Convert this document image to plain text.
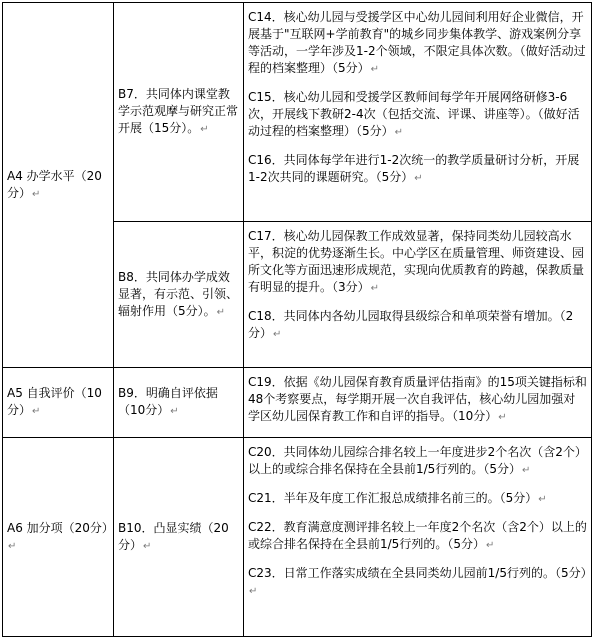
A4 办学水平（20分）↵	B7．共同体内课堂教学示范观摩与研究正常开展（15分）。↵	C14．核心幼儿园与受援学区中心幼儿园间利用好企业微信，开展基于"互联网+学前教育"的城乡同步集体教学、游戏案例分享等活动，一学年涉及1-2个领域，不限定具体次数。（做好活动过程的档案整理）（5分）↵

C15．核心幼儿园和受援学区教师间每学年开展网络研修3-6次，开展线下教研2-4次（包括交流、评课、讲座等）。（做好活动过程的档案整理）（5分）↵

C16．共同体每学年进行1-2次统一的教学质量研讨分析，开展1-2次共同的课题研究。（5分）↵

	B8．共同体办学成效显著，有示范、引领、辐射作用（5分）。↵	C17．核心幼儿园保教工作成效显著，保持同类幼儿园较高水平，积淀的优势逐渐生长。中心学区在质量管理、师资建设、园所文化等方面迅速形成规范，实现向优质教育的跨越，保教质量有明显的提升。（3分）↵

C18．共同体内各幼儿园取得县级综合和单项荣誉有增加。（2分）↵

A5 自我评价（10分）↵	B9．明确自评依据（10分）↵	C19．依据《幼儿园保育教育质量评估指南》的15项关键指标和48个考察要点，每学期开展一次自我评估，核心幼儿园加强对学区幼儿园保育教工作和自评的指导。（10分）↵

A6 加分项（20分）↵	B10．凸显实绩（20分）↵	C20．共同体幼儿园综合排名较上一年度进步2个名次（含2个）以上的或综合排名保持在全县前1/5行列的。（5分）↵

C21．半年及年度工作汇报总成绩排名前三的。（5分）↵

C22．教育满意度测评排名较上一年度2个名次（含2个）以上的或综合排名保持在全县前1/5行列的。（5分）↵

C23．日常工作落实成绩在全县同类幼儿园前1/5行列的。（5分）↵
